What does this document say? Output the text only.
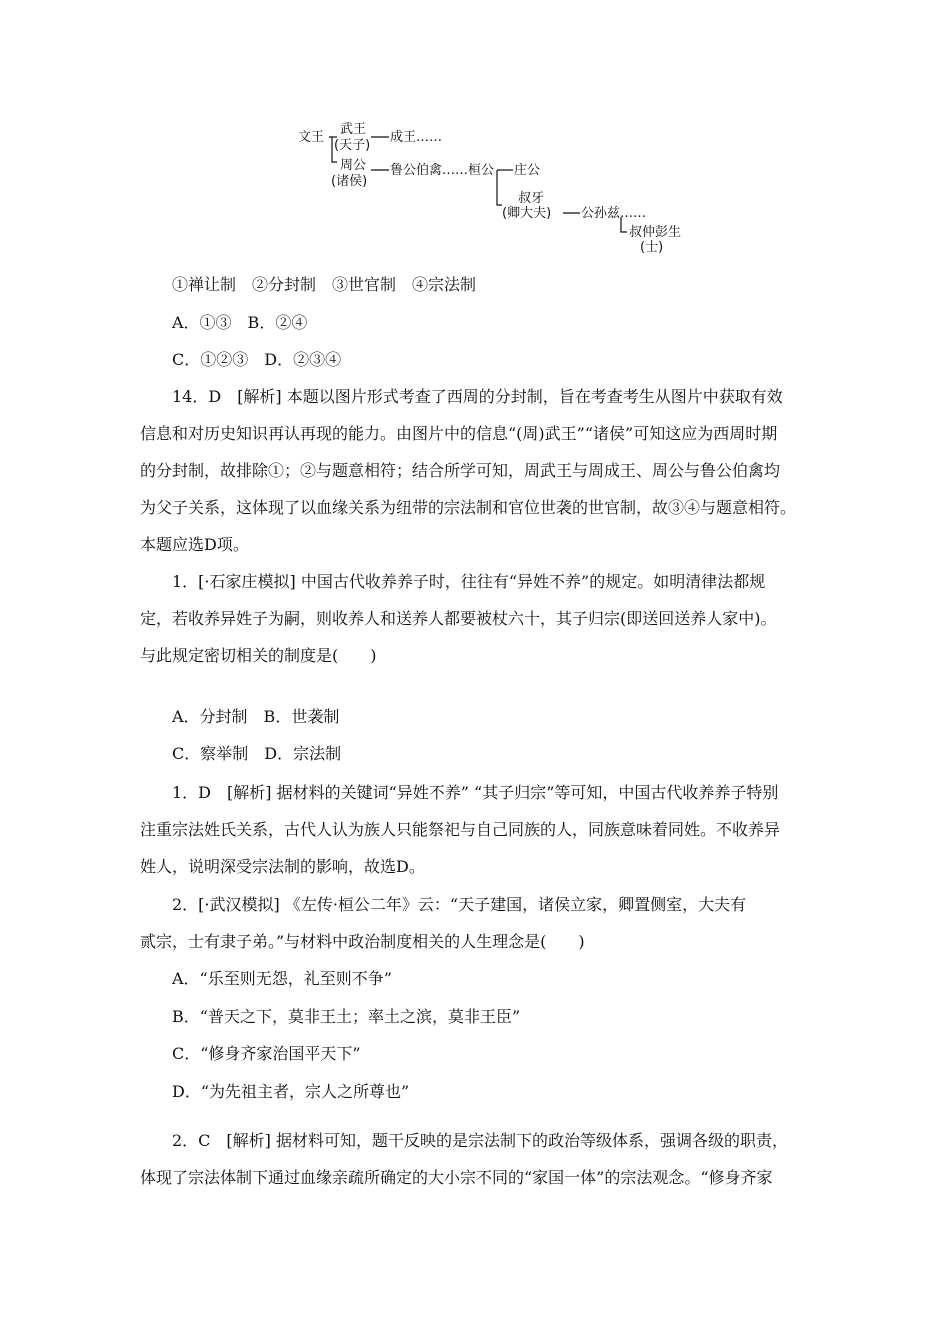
文王
武王
(天子)
成王……
周公
(诸侯)
鲁公伯禽……桓公 庄公
叔牙
(卿大夫) 公孙兹……
叔仲彭生
(士)
①禅让制　②分封制　③世官制　④宗法制
A．①③　B．②④
C．①②③　D．②③④
14．D　[解析] 本题以图片形式考查了西周的分封制，旨在考查考生从图片中获取有效
信息和对历史知识再认再现的能力。由图片中的信息“(周)武王”“诸侯”可知这应为西周时期
的分封制，故排除①；②与题意相符；结合所学可知，周武王与周成王、周公与鲁公伯禽均
为父子关系，这体现了以血缘关系为纽带的宗法制和官位世袭的世官制，故③④与题意相符。
本题应选D项。
1．[·石家庄模拟] 中国古代收养养子时，往往有“异姓不养”的规定。如明清律法都规
定，若收养异姓子为嗣，则收养人和送养人都要被杖六十，其子归宗(即送回送养人家中)。
与此规定密切相关的制度是(　　)
A．分封制　B．世袭制
C．察举制　D．宗法制
1．D　[解析] 据材料的关键词“异姓不养” “其子归宗”等可知，中国古代收养养子特别
注重宗法姓氏关系，古代人认为族人只能祭祀与自己同族的人，同族意味着同姓。不收养异
姓人，说明深受宗法制的影响，故选D。
2．[·武汉模拟] 《左传·桓公二年》云：“天子建国，诸侯立家，卿置侧室，大夫有
贰宗，士有隶子弟。”与材料中政治制度相关的人生理念是(　　)
A．“乐至则无怨，礼至则不争”
B．“普天之下，莫非王土；率土之滨，莫非王臣”
C．“修身齐家治国平天下”
D．“为先祖主者，宗人之所尊也”
2．C　[解析] 据材料可知，题干反映的是宗法制下的政治等级体系，强调各级的职责，
体现了宗法体制下通过血缘亲疏所确定的大小宗不同的“家国一体”的宗法观念。“修身齐家
